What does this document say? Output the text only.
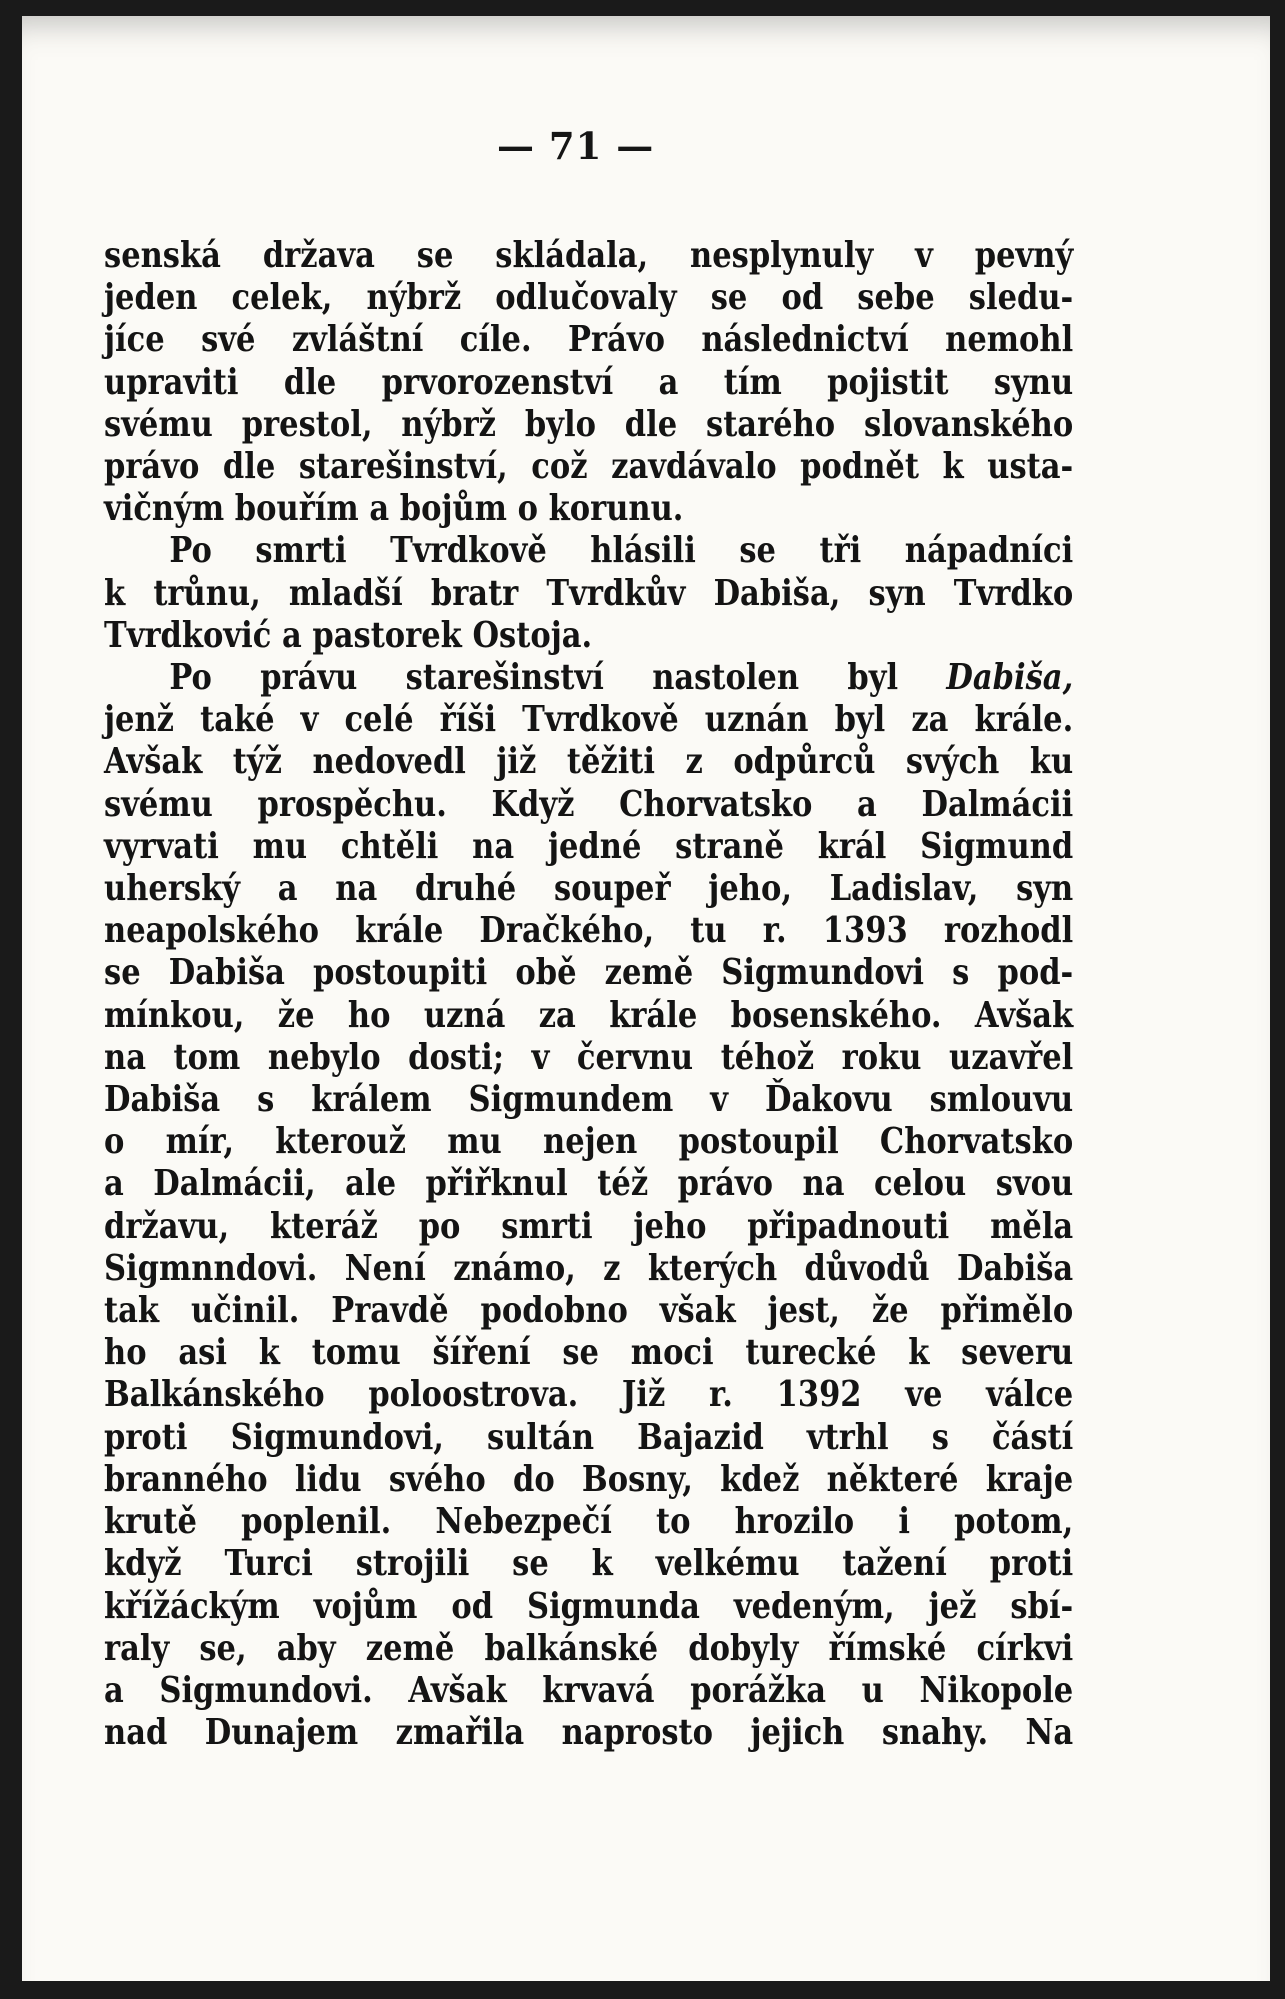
— 71 —
senská država se skládala, nesplynuly v pevný
jeden celek, nýbrž odlučovaly se od sebe sledu-
jíce své zvláštní cíle. Právo následnictví nemohl
upraviti dle prvorozenství a tím pojistit synu
svému prestol, nýbrž bylo dle starého slovanského
právo dle starešinství, což zavdávalo podnět k usta-
vičným bouřím a bojům o korunu.
Po smrti Tvrdkově hlásili se tři nápadníci
k trůnu, mladší bratr Tvrdkův Dabiša, syn Tvrdko
Tvrdković a pastorek Ostoja.
Po právu starešinství nastolen byl Dabiša,
jenž také v celé říši Tvrdkově uznán byl za krále.
Avšak týž nedovedl již těžiti z odpůrců svých ku
svému prospěchu. Když Chorvatsko a Dalmácii
vyrvati mu chtěli na jedné straně král Sigmund
uherský a na druhé soupeř jeho, Ladislav, syn
neapolského krále Dračkého, tu r. 1393 rozhodl
se Dabiša postoupiti obě země Sigmundovi s pod-
mínkou, že ho uzná za krále bosenského. Avšak
na tom nebylo dosti; v červnu téhož roku uzavřel
Dabiša s králem Sigmundem v Ďakovu smlouvu
o mír, kterouž mu nejen postoupil Chorvatsko
a Dalmácii, ale přiřknul též právo na celou svou
državu, kteráž po smrti jeho připadnouti měla
Sigmnndovi. Není známo, z kterých důvodů Dabiša
tak učinil. Pravdě podobno však jest, že přimělo
ho asi k tomu šíření se moci turecké k severu
Balkánského poloostrova. Již r. 1392 ve válce
proti Sigmundovi, sultán Bajazid vtrhl s částí
branného lidu svého do Bosny, kdež některé kraje
krutě poplenil. Nebezpečí to hrozilo i potom,
když Turci strojili se k velkému tažení proti
křížáckým vojům od Sigmunda vedeným, jež sbí-
raly se, aby země balkánské dobyly římské církvi
a Sigmundovi. Avšak krvavá porážka u Nikopole
nad Dunajem zmařila naprosto jejich snahy. Na
